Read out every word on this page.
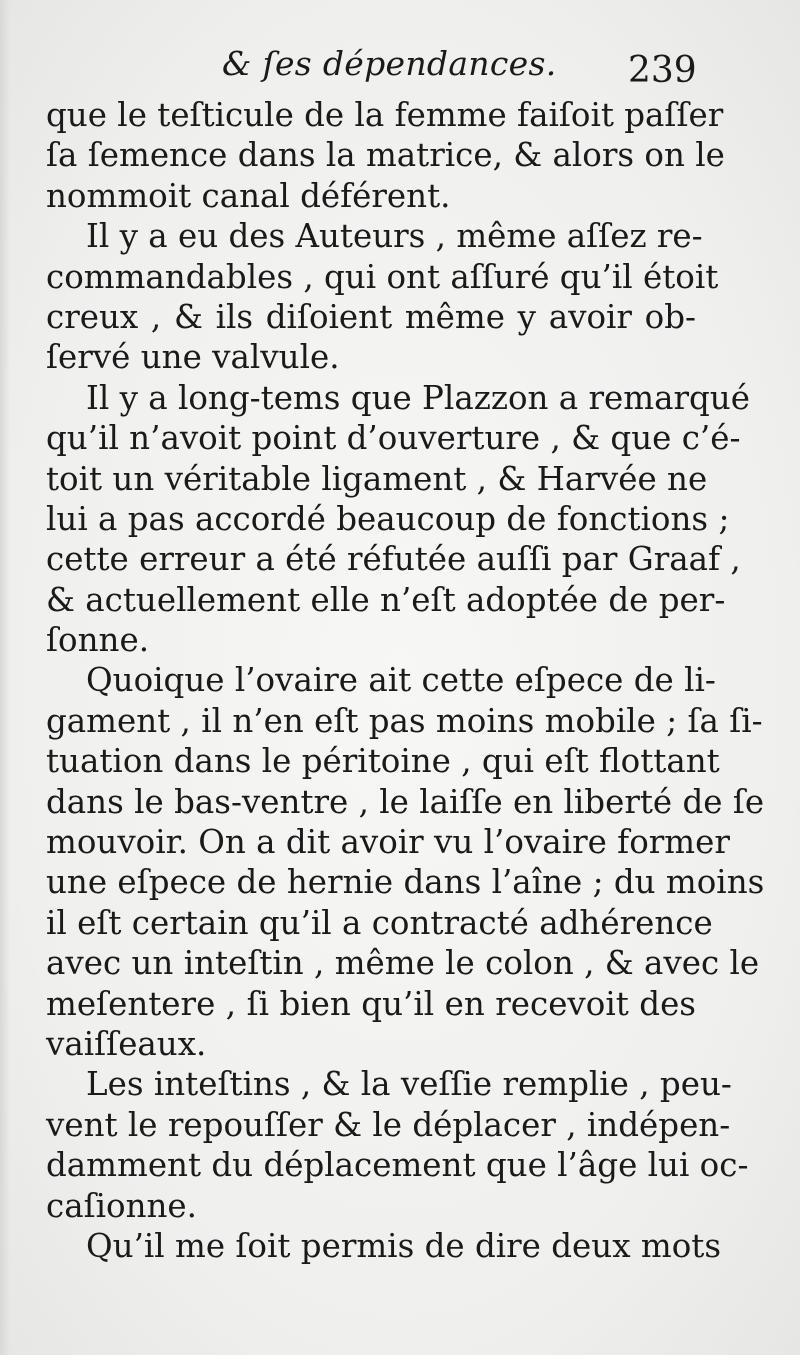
& ſes dépendances. 239
que le teſticule de la femme faiſoit paſſer
ſa ſemence dans la matrice, & alors on le
nommoit canal déférent.
Il y a eu des Auteurs , même aſſez re-
commandables , qui ont aſſuré qu’il étoit
creux , & ils diſoient même y avoir ob-
ſervé une valvule.
Il y a long-tems que Plazzon a remarqué
qu’il n’avoit point d’ouverture , & que c’é-
toit un véritable ligament , & Harvée ne
lui a pas accordé beaucoup de fonctions ;
cette erreur a été réfutée auſſi par Graaf ,
& actuellement elle n’eſt adoptée de per-
ſonne.
Quoique l’ovaire ait cette eſpece de li-
gament , il n’en eſt pas moins mobile ; ſa ſi-
tuation dans le péritoine , qui eſt flottant
dans le bas-ventre , le laiſſe en liberté de ſe
mouvoir. On a dit avoir vu l’ovaire former
une eſpece de hernie dans l’aîne ; du moins
il eſt certain qu’il a contracté adhérence
avec un inteſtin , même le colon , & avec le
meſentere , ſi bien qu’il en recevoit des
vaiſſeaux.
Les inteſtins , & la veſſie remplie , peu-
vent le repouſſer & le déplacer , indépen-
damment du déplacement que l’âge lui oc-
caſionne.
Qu’il me ſoit permis de dire deux mots
